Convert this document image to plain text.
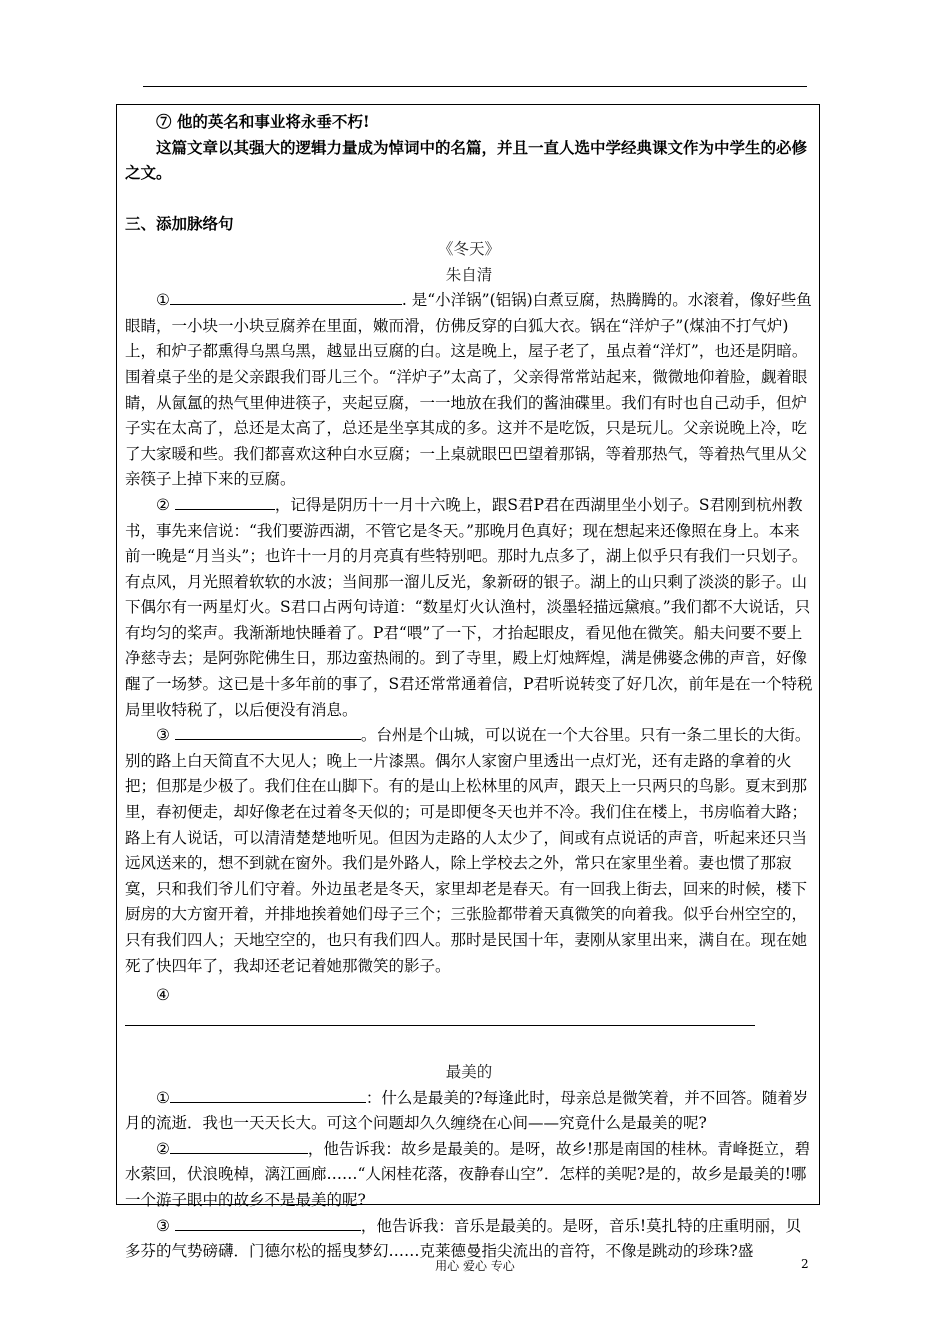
⑦ 他的英名和事业将永垂不朽!

这篇文章以其强大的逻辑力量成为悼词中的名篇，并且一直人选中学经典课文作为中学生的必修之文。

三、添加脉络句

《冬天》

朱自清

①	. 是“小洋锅”(铝锅)白煮豆腐，热腾腾的。水滚着，像好些鱼眼睛，一小块一小块豆腐养在里面，嫩而滑，仿佛反穿的白狐大衣。锅在“洋炉子”(煤油不打气炉)上，和炉子都熏得乌黑乌黑，越显出豆腐的白。这是晚上，屋子老了，虽点着“洋灯”，也还是阴暗。围着桌子坐的是父亲跟我们哥儿三个。“洋炉子”太高了，父亲得常常站起来，微微地仰着脸，觑着眼睛，从氤氲的热气里伸进筷子，夹起豆腐，一一地放在我们的酱油碟里。我们有时也自己动手，但炉子实在太高了，总还是太高了，总还是坐享其成的多。这并不是吃饭，只是玩儿。父亲说晚上冷，吃了大家暖和些。我们都喜欢这种白水豆腐；一上桌就眼巴巴望着那锅，等着那热气，等着热气里从父亲筷子上掉下来的豆腐。

②	，记得是阴历十一月十六晚上，跟S君P君在西湖里坐小划子。S君刚到杭州教书，事先来信说：“我们要游西湖，不管它是冬天。”那晚月色真好；现在想起来还像照在身上。本来前一晚是“月当头”；也许十一月的月亮真有些特别吧。那时九点多了，湖上似乎只有我们一只划子。有点风，月光照着软软的水波；当间那一溜儿反光，象新砑的银子。湖上的山只剩了淡淡的影子。山下偶尔有一两星灯火。S君口占两句诗道：“数星灯火认渔村，淡墨轻描远黛痕。”我们都不大说话，只有均匀的桨声。我渐渐地快睡着了。P君“喂”了一下，才抬起眼皮，看见他在微笑。船夫问要不要上净慈寺去；是阿弥陀佛生日，那边蛮热闹的。到了寺里，殿上灯烛辉煌，满是佛婆念佛的声音，好像醒了一场梦。这已是十多年前的事了，S君还常常通着信，P君听说转变了好几次，前年是在一个特税局里收特税了，以后便没有消息。

③	。台州是个山城，可以说在一个大谷里。只有一条二里长的大街。别的路上白天简直不大见人；晚上一片漆黑。偶尔人家窗户里透出一点灯光，还有走路的拿着的火把；但那是少极了。我们住在山脚下。有的是山上松林里的风声，跟天上一只两只的鸟影。夏末到那里，春初便走，却好像老在过着冬天似的；可是即便冬天也并不冷。我们住在楼上，书房临着大路；路上有人说话，可以清清楚楚地听见。但因为走路的人太少了，间或有点说话的声音，听起来还只当远风送来的，想不到就在窗外。我们是外路人，除上学校去之外，常只在家里坐着。妻也惯了那寂寞，只和我们爷儿们守着。外边虽老是冬天，家里却老是春天。有一回我上街去，回来的时候，楼下厨房的大方窗开着，并排地挨着她们母子三个；三张脸都带着天真微笑的向着我。似乎台州空空的，只有我们四人；天地空空的，也只有我们四人。那时是民国十年，妻刚从家里出来，满自在。现在她死了快四年了，我却还老记着她那微笑的影子。

④

最美的

①	：什么是最美的?每逢此时，母亲总是微笑着，并不回答。随着岁月的流逝．我也一天天长大。可这个问题却久久缠绕在心间——究竟什么是最美的呢?

②	，他告诉我：故乡是最美的。是呀，故乡!那是南国的桂林。青峰挺立，碧水萦回，伏浪晚棹，漓江画廊……“人闲桂花落，夜静春山空”．怎样的美呢?是的，故乡是最美的!哪一个游子眼中的故乡不是最美的呢?

③	，他告诉我：音乐是最美的。是呀，音乐!莫扎特的庄重明丽，贝多芬的气势磅礴．门德尔松的摇曳梦幻……克莱德曼指尖流出的音符，不像是跳动的珍珠?盛

用心 爱心 专心	2
